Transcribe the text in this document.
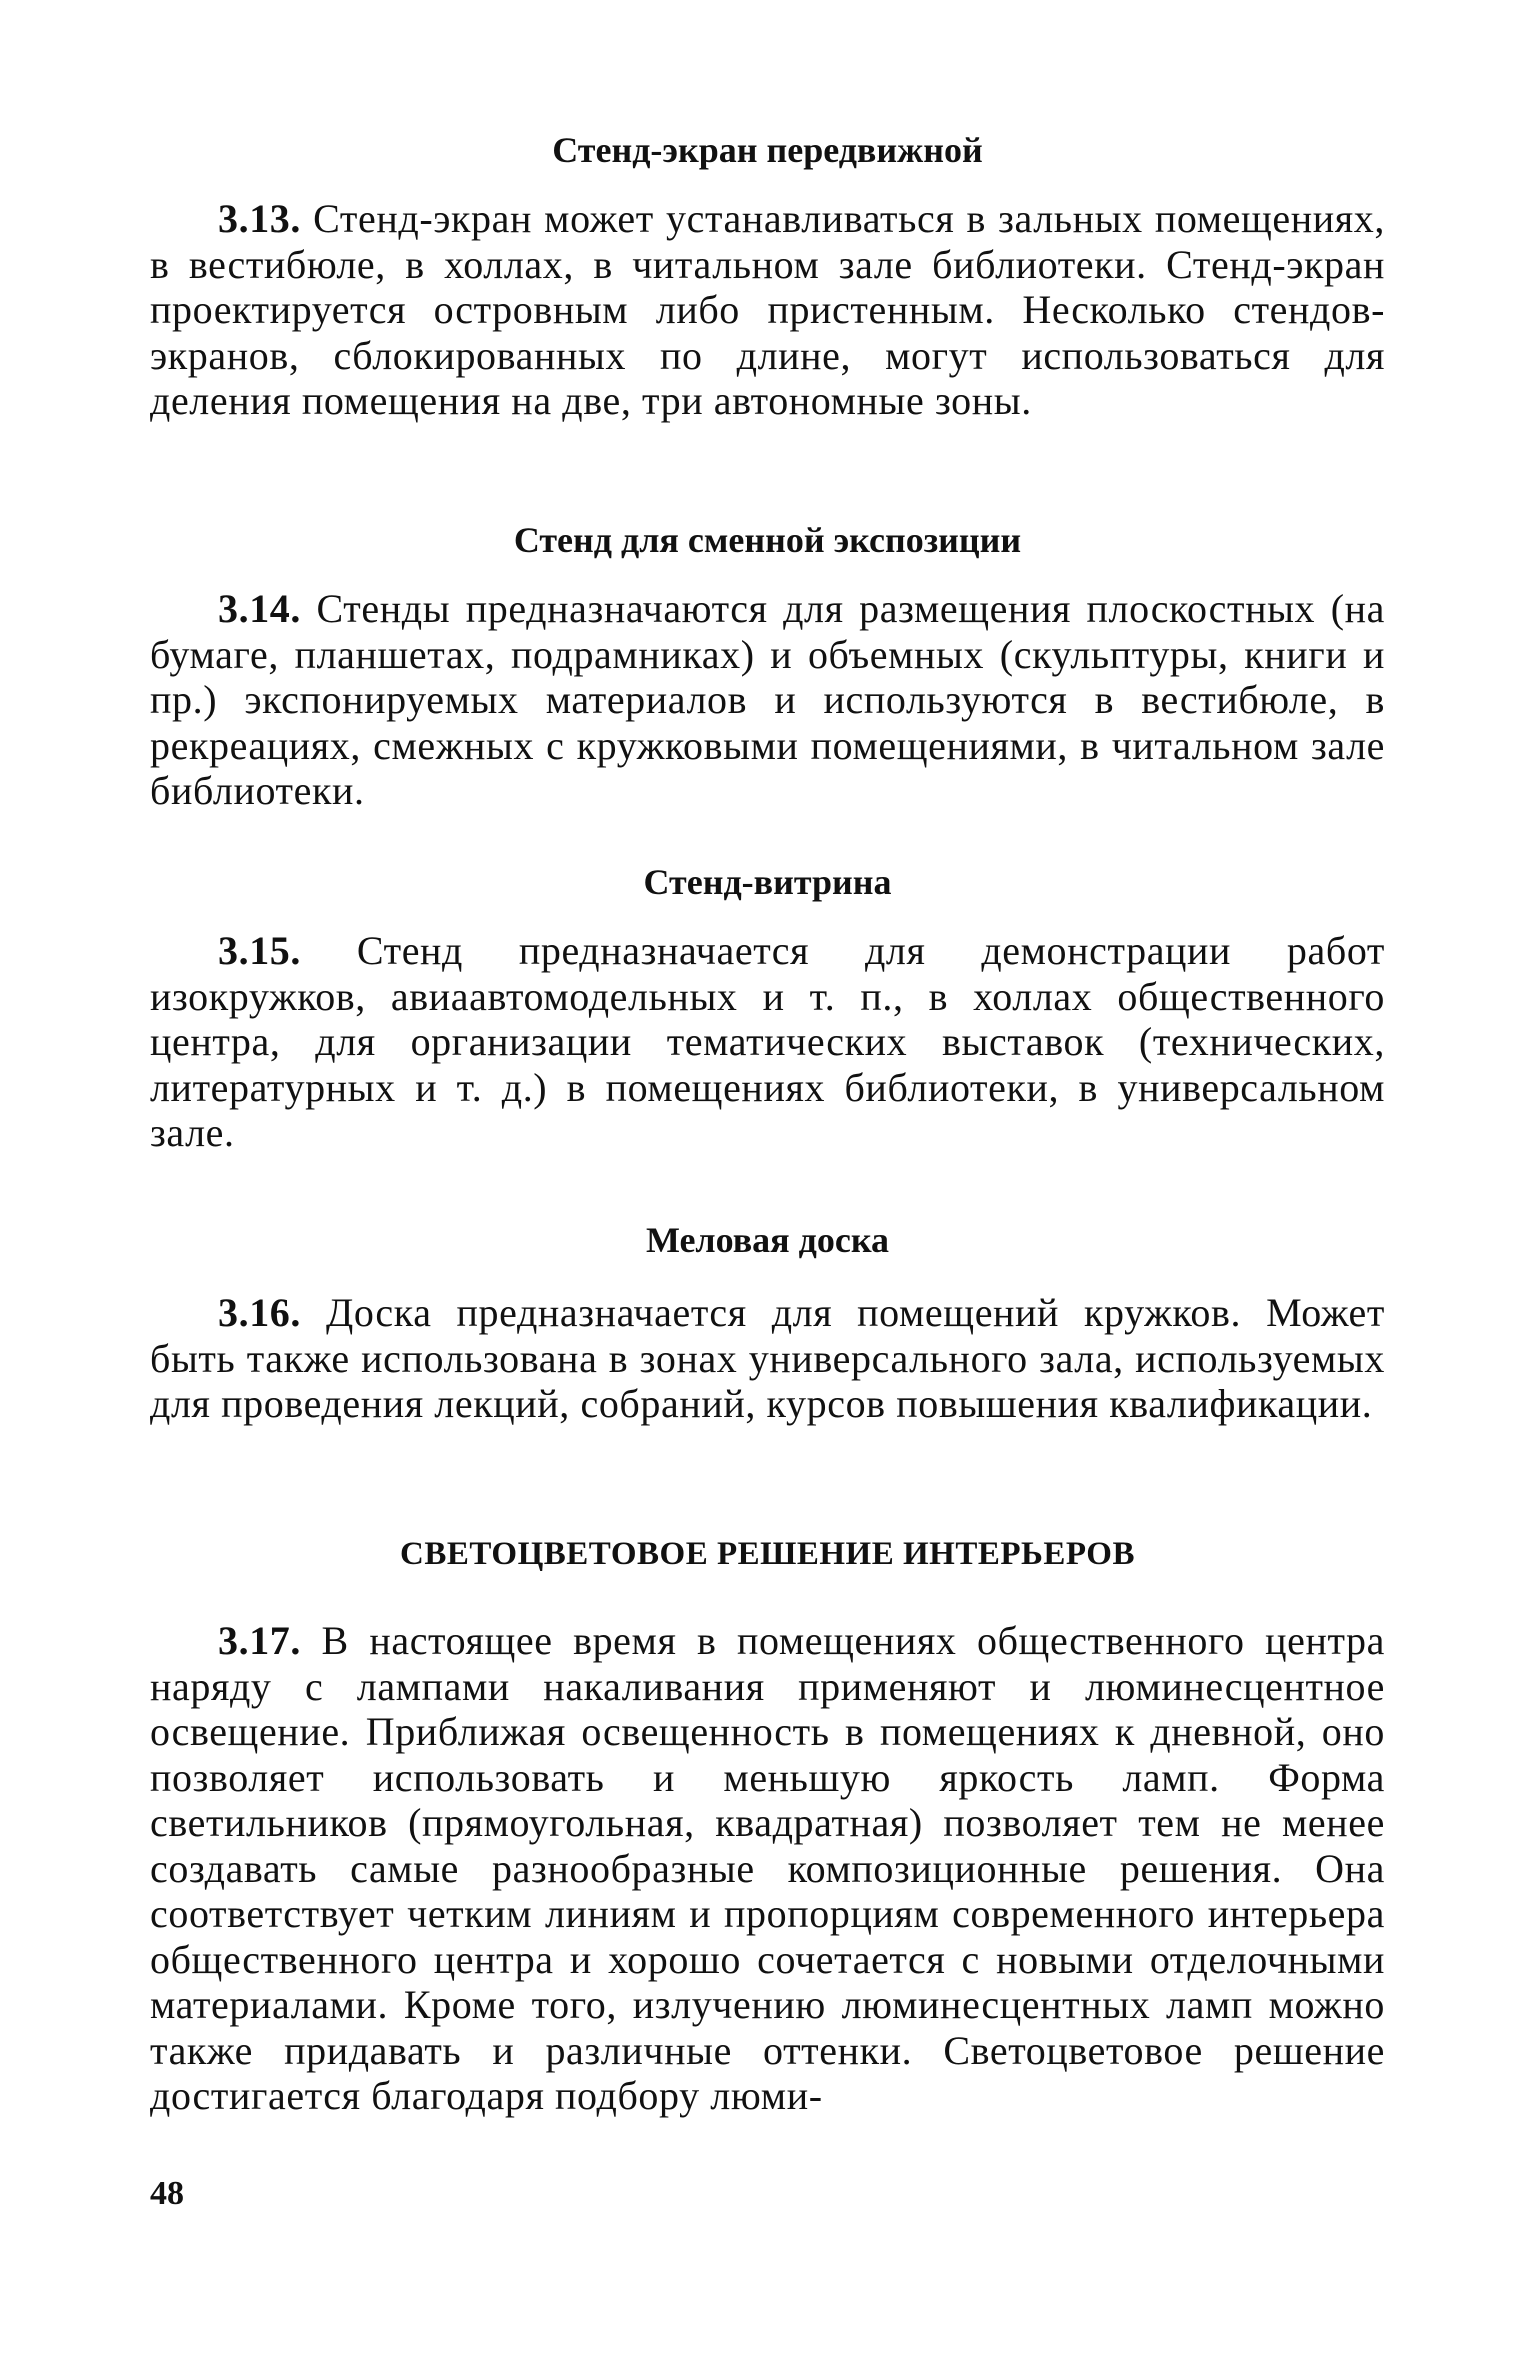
Стенд-экран передвижной

3.13. Стенд-экран может устанавливаться в зальных помещениях, в вестибюле, в холлах, в читальном зале библиотеки. Стенд-экран проектируется островным либо пристенным. Несколько стендов-экранов, сблокированных по длине, могут использоваться для деления помещения на две, три автономные зоны.

Стенд для сменной экспозиции

3.14. Стенды предназначаются для размещения плоскостных (на бумаге, планшетах, подрамниках) и объемных (скульптуры, книги и пр.) экспонируемых материалов и используются в вестибюле, в рекреациях, смежных с кружковыми помещениями, в читальном зале библиотеки.

Стенд-витрина

3.15. Стенд предназначается для демонстрации работ изокружков, авиаавтомодельных и т. п., в холлах общественного центра, для организации тематических выставок (технических, литературных и т. д.) в помещениях библиотеки, в универсальном зале.

Меловая доска

3.16. Доска предназначается для помещений кружков. Может быть также использована в зонах универсального зала, используемых для проведения лекций, собраний, курсов повышения квалификации.

СВЕТОЦВЕТОВОЕ РЕШЕНИЕ ИНТЕРЬЕРОВ

3.17. В настоящее время в помещениях общественного центра наряду с лампами накаливания применяют и люминесцентное освещение. Приближая освещенность в помещениях к дневной, оно позволяет использовать и меньшую яркость ламп. Форма светильников (прямоугольная, квадратная) позволяет тем не менее создавать самые разнообразные композиционные решения. Она соответствует четким линиям и пропорциям современного интерьера общественного центра и хорошо сочетается с новыми отделочными материалами. Кроме того, излучению люминесцентных ламп можно также придавать и различные оттенки. Светоцветовое решение достигается благодаря подбору люми-

48
